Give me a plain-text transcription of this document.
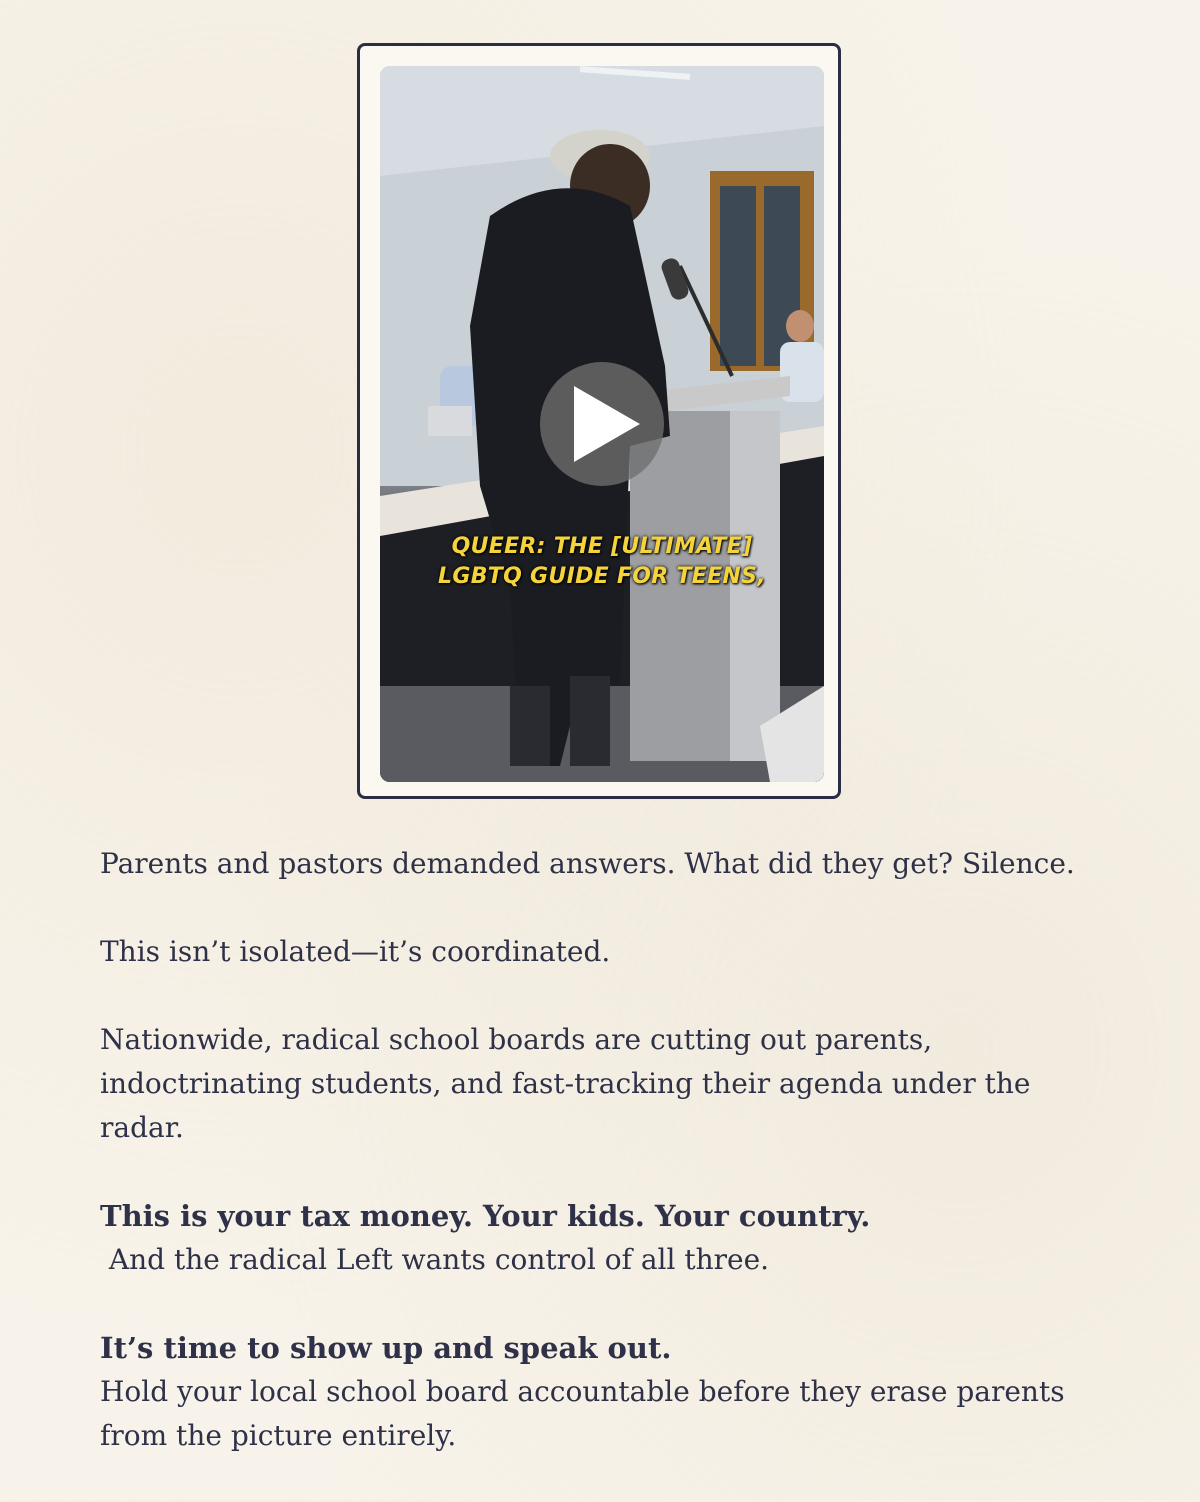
QUEER: THE [ULTIMATE]
LGBTQ GUIDE FOR TEENS,

Parents and pastors demanded answers. What did they get? Silence.

This isn’t isolated—it’s coordinated.

Nationwide, radical school boards are cutting out parents, indoctrinating students, and fast-tracking their agenda under the radar.

This is your tax money. Your kids. Your country.
And the radical Left wants control of all three.

It’s time to show up and speak out.
Hold your local school board accountable before they erase parents from the picture entirely.
